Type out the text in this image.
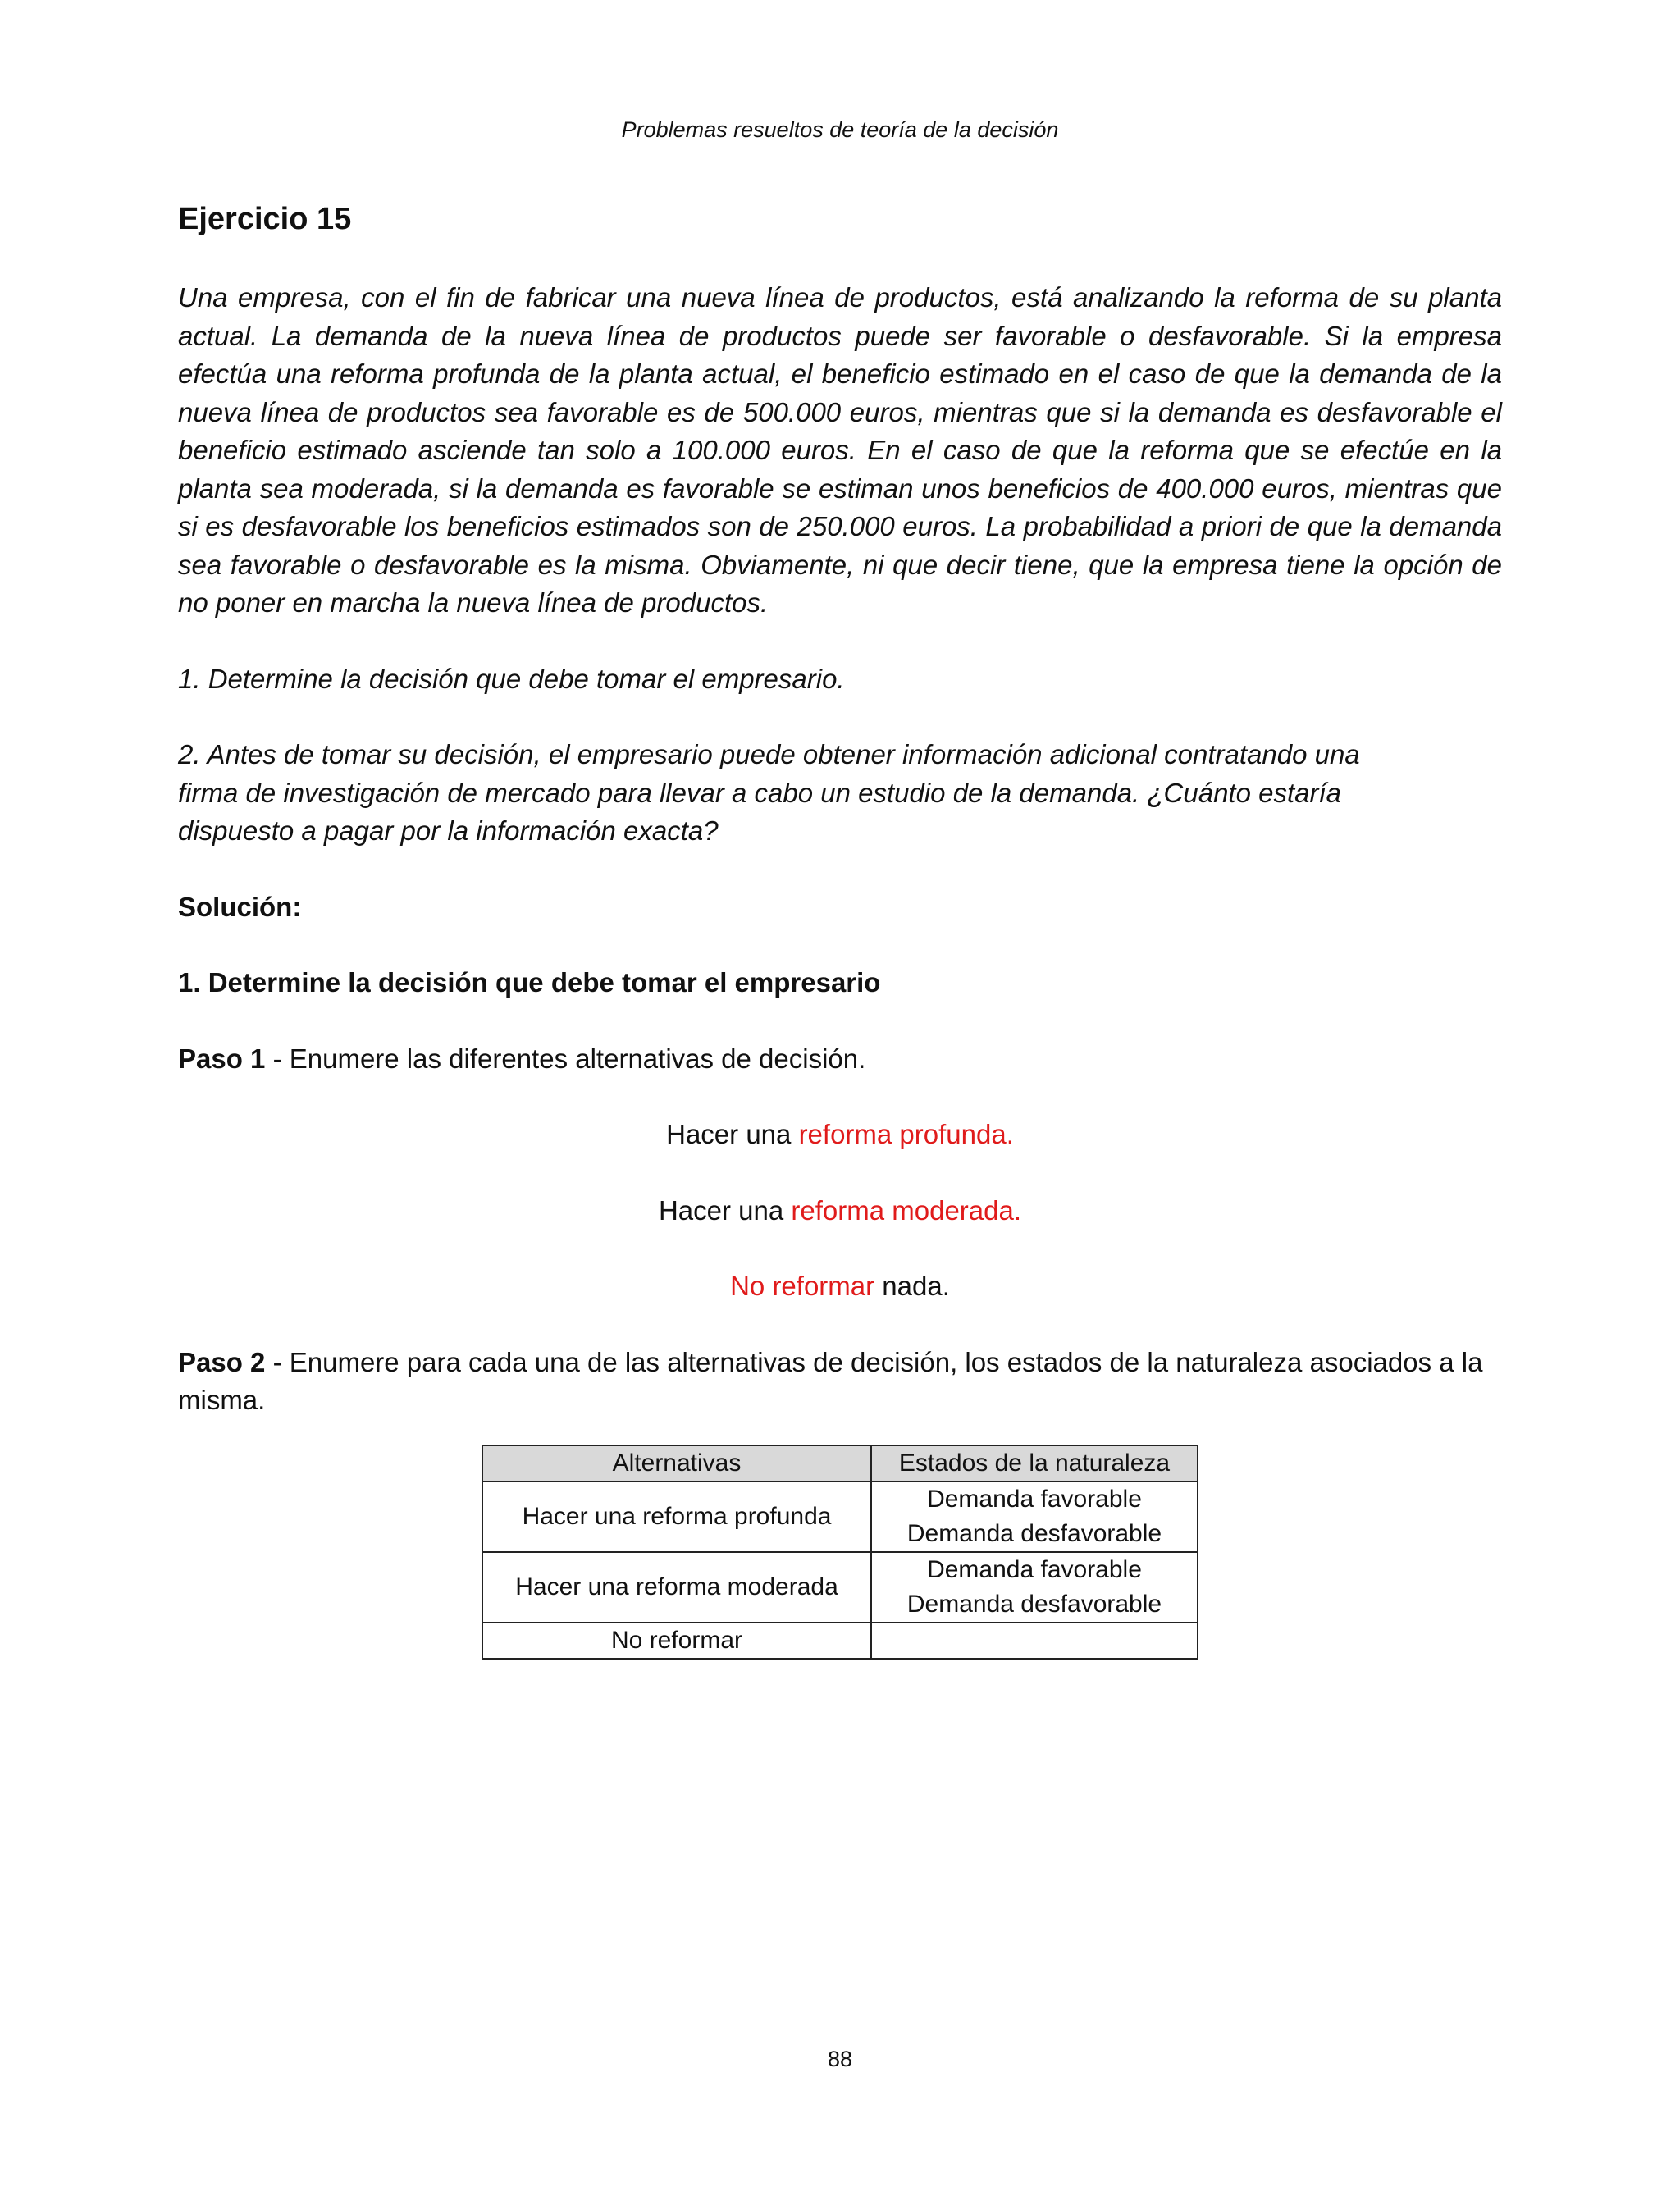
Problemas resueltos de teoría de la decisión
Ejercicio 15

Una empresa, con el fin de fabricar una nueva línea de productos, está analizando la reforma de su planta actual. La demanda de la nueva línea de productos puede ser favorable o desfavorable. Si la empresa efectúa una reforma profunda de la planta actual, el beneficio estimado en el caso de que la demanda de la nueva línea de productos sea favorable es de 500.000 euros, mientras que si la demanda es desfavorable el beneficio estimado asciende tan solo a 100.000 euros. En el caso de que la reforma que se efectúe en la planta sea moderada, si la demanda es favorable se estiman unos beneficios de 400.000 euros, mientras que si es desfavorable los beneficios estimados son de 250.000 euros. La probabilidad a priori de que la demanda sea favorable o desfavorable es la misma. Obviamente, ni que decir tiene, que la empresa tiene la opción de no poner en marcha la nueva línea de productos.

1. Determine la decisión que debe tomar el empresario.

2. Antes de tomar su decisión, el empresario puede obtener información adicional contratando una
firma de investigación de mercado para llevar a cabo un estudio de la demanda. ¿Cuánto estaría
dispuesto a pagar por la información exacta?

Solución:

1. Determine la decisión que debe tomar el empresario

Paso 1 - Enumere las diferentes alternativas de decisión.

Hacer una reforma profunda.

Hacer una reforma moderada.

No reformar nada.

Paso 2 - Enumere para cada una de las alternativas de decisión, los estados de la naturaleza asociados a la misma.

Alternativas	Estados de la naturaleza
Hacer una reforma profunda	Demanda favorable
Demanda desfavorable

Hacer una reforma moderada	Demanda favorable
Demanda desfavorable

No reformar	
88
